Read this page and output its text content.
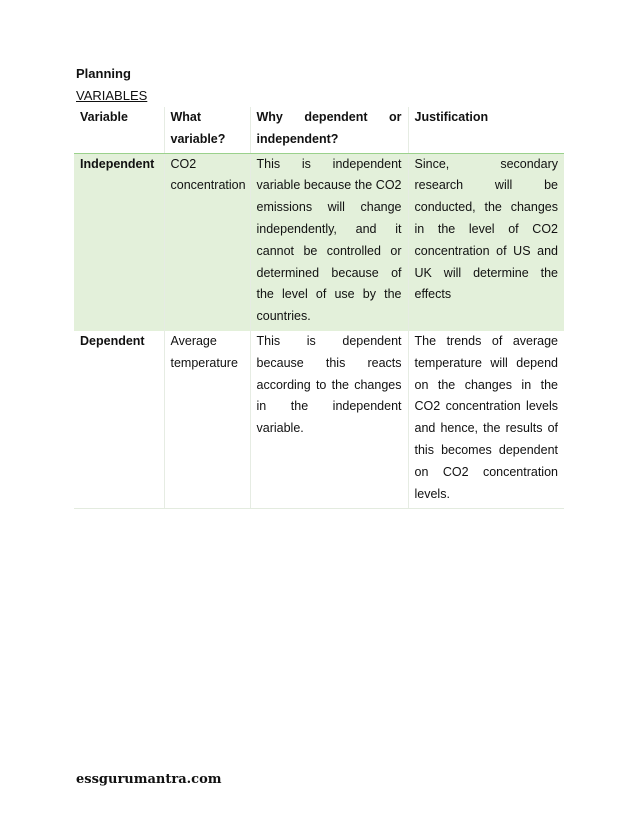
Planning
VARIABLES
Variable	What variable?	Why dependent or independent?	Justification
Independent	CO2 concentration	This is independent variable because the CO2 emissions will change independently, and it cannot be controlled or determined because of the level of use by the countries.	Since, secondary research will be conducted, the changes in the level of CO2 concentration of US and UK will determine the effects
Dependent	Average temperature	This is dependent because this reacts according to the changes in the independent variable.	The trends of average temperature will depend on the changes in the CO2 concentration levels and hence, the results of this becomes dependent on CO2 concentration levels.
essgurumantra.com
